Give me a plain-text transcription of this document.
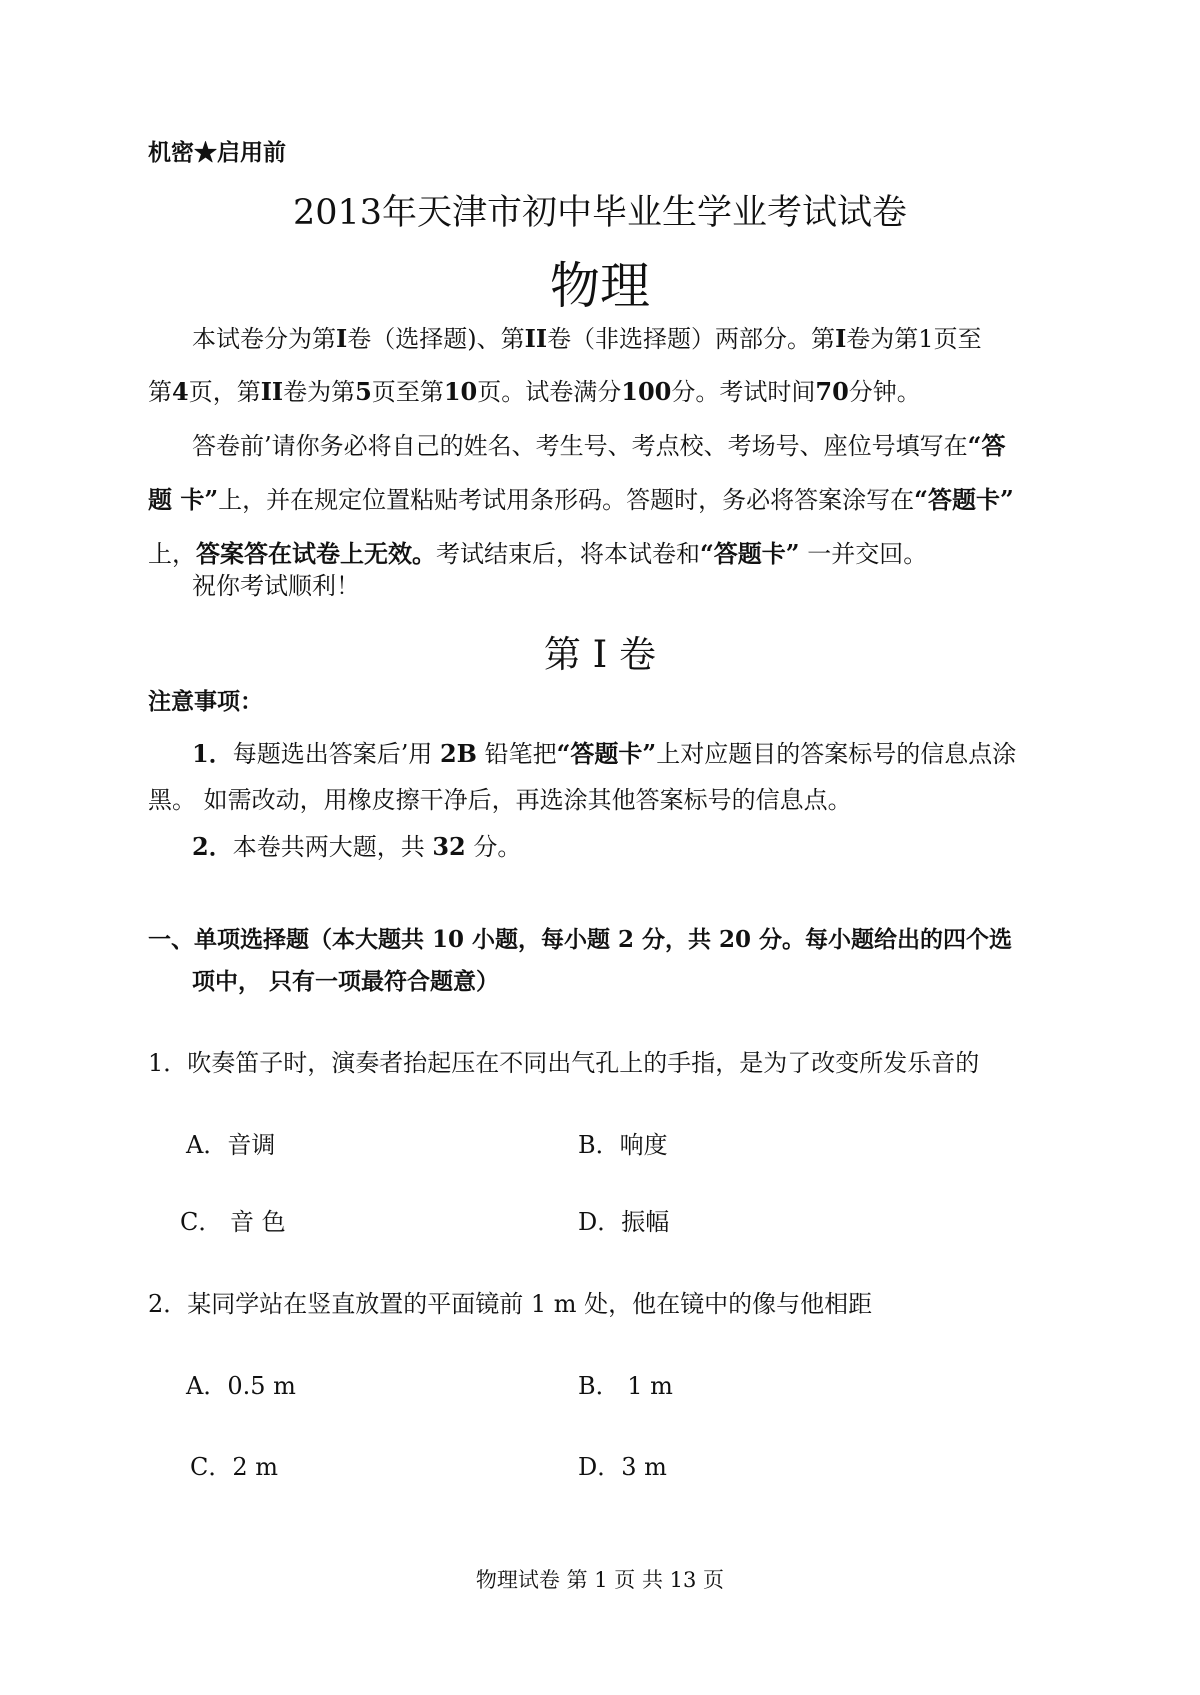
机密★启用前
2013年天津市初中毕业生学业考试试卷
物理
本试卷分为第I卷（选择题)、第II卷（非选择题）两部分。第I卷为第1页至
第4页，第II卷为第5页至第10页。试卷满分100分。考试时间70分钟。
答卷前’请你务必将自己的姓名、考生号、考点校、考场号、座位号填写在“答
题 卡”上，并在规定位置粘贴考试用条形码。答题时，务必将答案涂写在“答题卡”
上，答案答在试卷上无效。考试结束后，将本试卷和“答题卡” 一并交回。
祝你考试顺利！
第 I 卷
注意事项：
1．每题选出答案后’用 2B 铅笔把“答题卡”上对应题目的答案标号的信息点涂
黑。 如需改动，用橡皮擦干净后，再选涂其他答案标号的信息点。
2．本卷共两大题，共 32 分。
一、单项选择题（本大题共 10 小题，每小题 2 分，共 20 分。每小题给出的四个选
项中， 只有一项最符合题意）
1．吹奏笛子时，演奏者抬起压在不同出气孔上的手指，是为了改变所发乐音的
A．音调	B．响度
C． 音 色	D．振幅
2．某同学站在竖直放置的平面镜前 1 m 处，他在镜中的像与他相距
A．0.5 m	B． 1 m
C．2 m	D．3 m
物理试卷 第 1 页 共 13 页
